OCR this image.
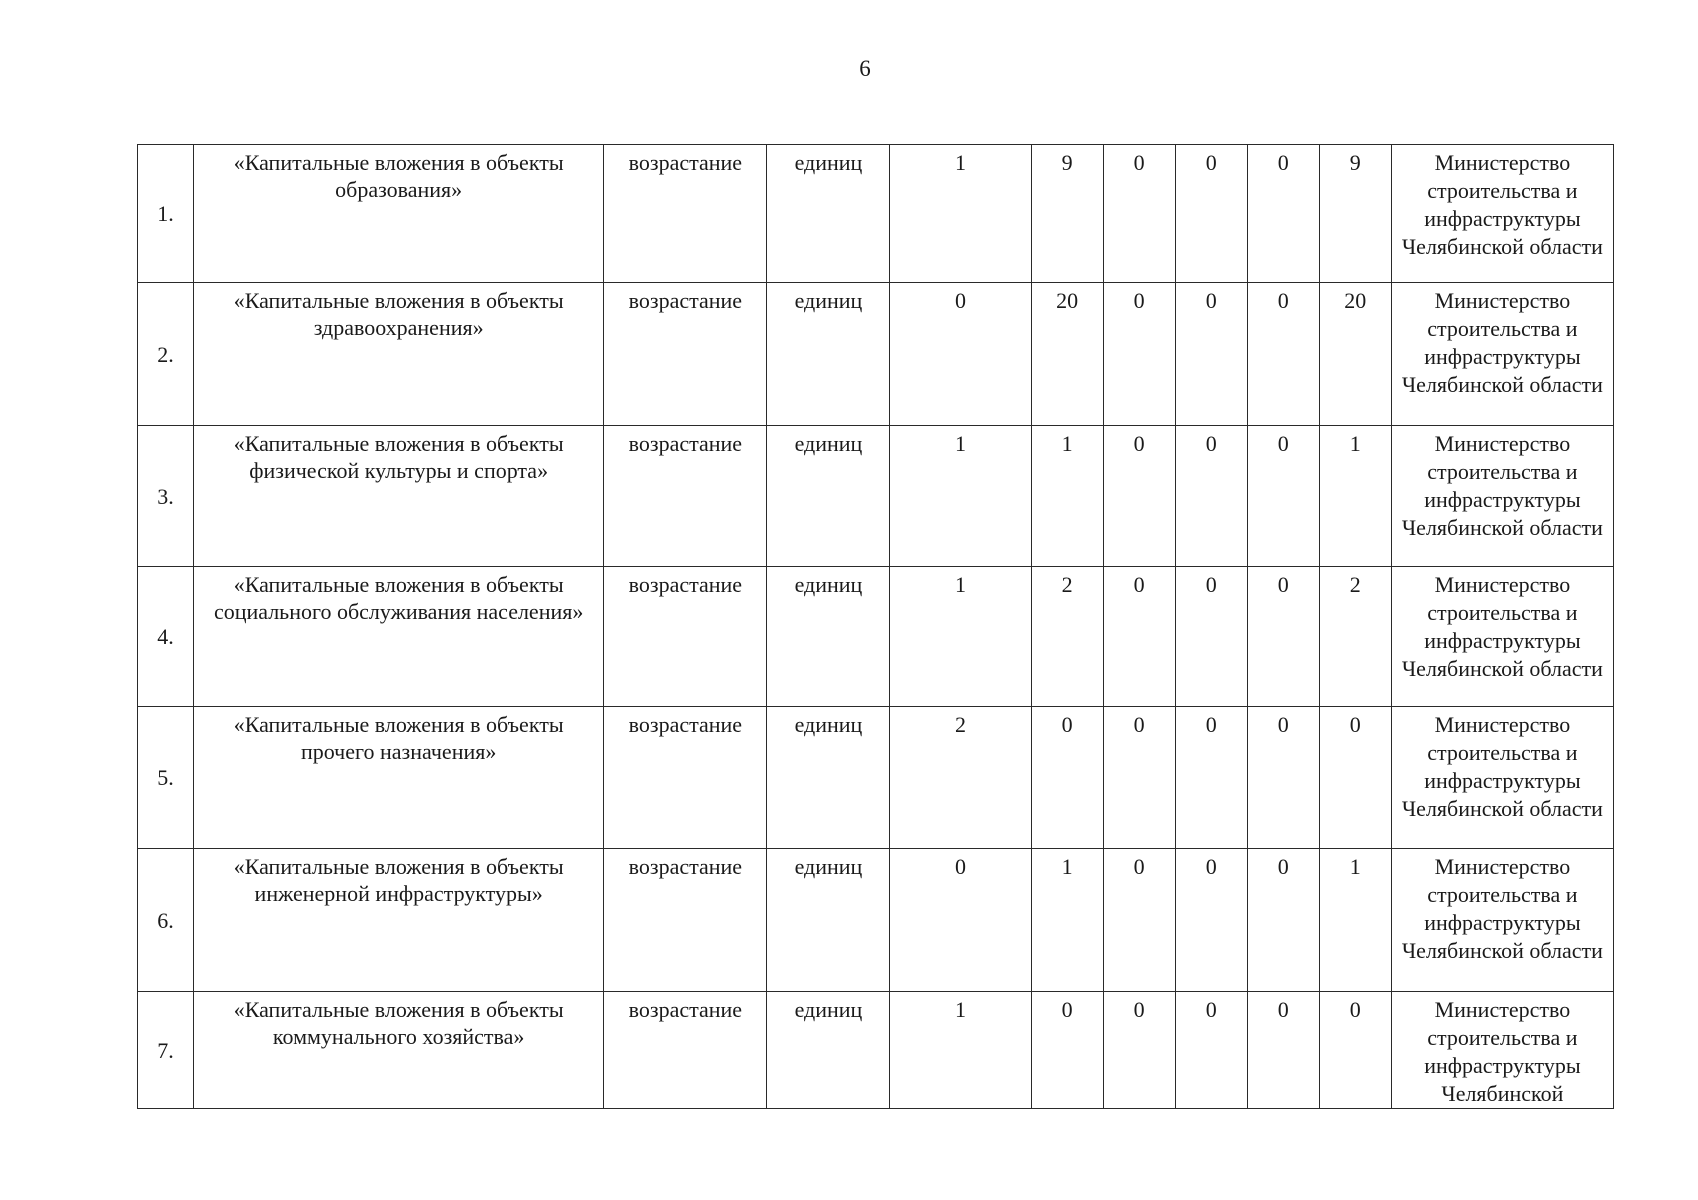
6
1.	«Капитальные вложения в объекты образования»	возрастание	единиц	1	9	0	0	0	9	Министерство строительства и инфраструктуры Челябинской области
2.	«Капитальные вложения в объекты здравоохранения»	возрастание	единиц	0	20	0	0	0	20	Министерство строительства и инфраструктуры Челябинской области
3.	«Капитальные вложения в объекты физической культуры и спорта»	возрастание	единиц	1	1	0	0	0	1	Министерство строительства и инфраструктуры Челябинской области
4.	«Капитальные вложения в объекты социального обслуживания населения»	возрастание	единиц	1	2	0	0	0	2	Министерство строительства и инфраструктуры Челябинской области
5.	«Капитальные вложения в объекты прочего назначения»	возрастание	единиц	2	0	0	0	0	0	Министерство строительства и инфраструктуры Челябинской области
6.	«Капитальные вложения в объекты инженерной инфраструктуры»	возрастание	единиц	0	1	0	0	0	1	Министерство строительства и инфраструктуры Челябинской области
7.	«Капитальные вложения в объекты коммунального хозяйства»	возрастание	единиц	1	0	0	0	0	0	Министерство строительства и инфраструктуры Челябинской
